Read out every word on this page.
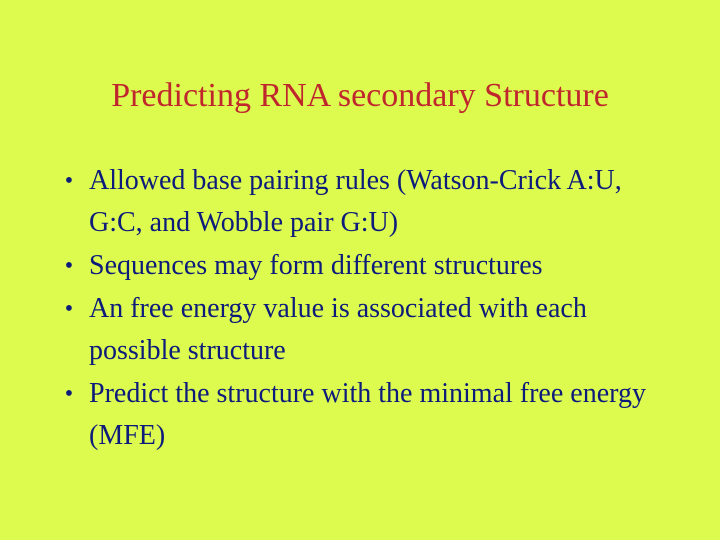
Predicting RNA secondary Structure
• Allowed base pairing rules (Watson-Crick A:U, G:C, and Wobble pair G:U)
• Sequences may form different structures
• An free energy value is associated with each possible structure
• Predict the structure with the minimal free energy (MFE)
